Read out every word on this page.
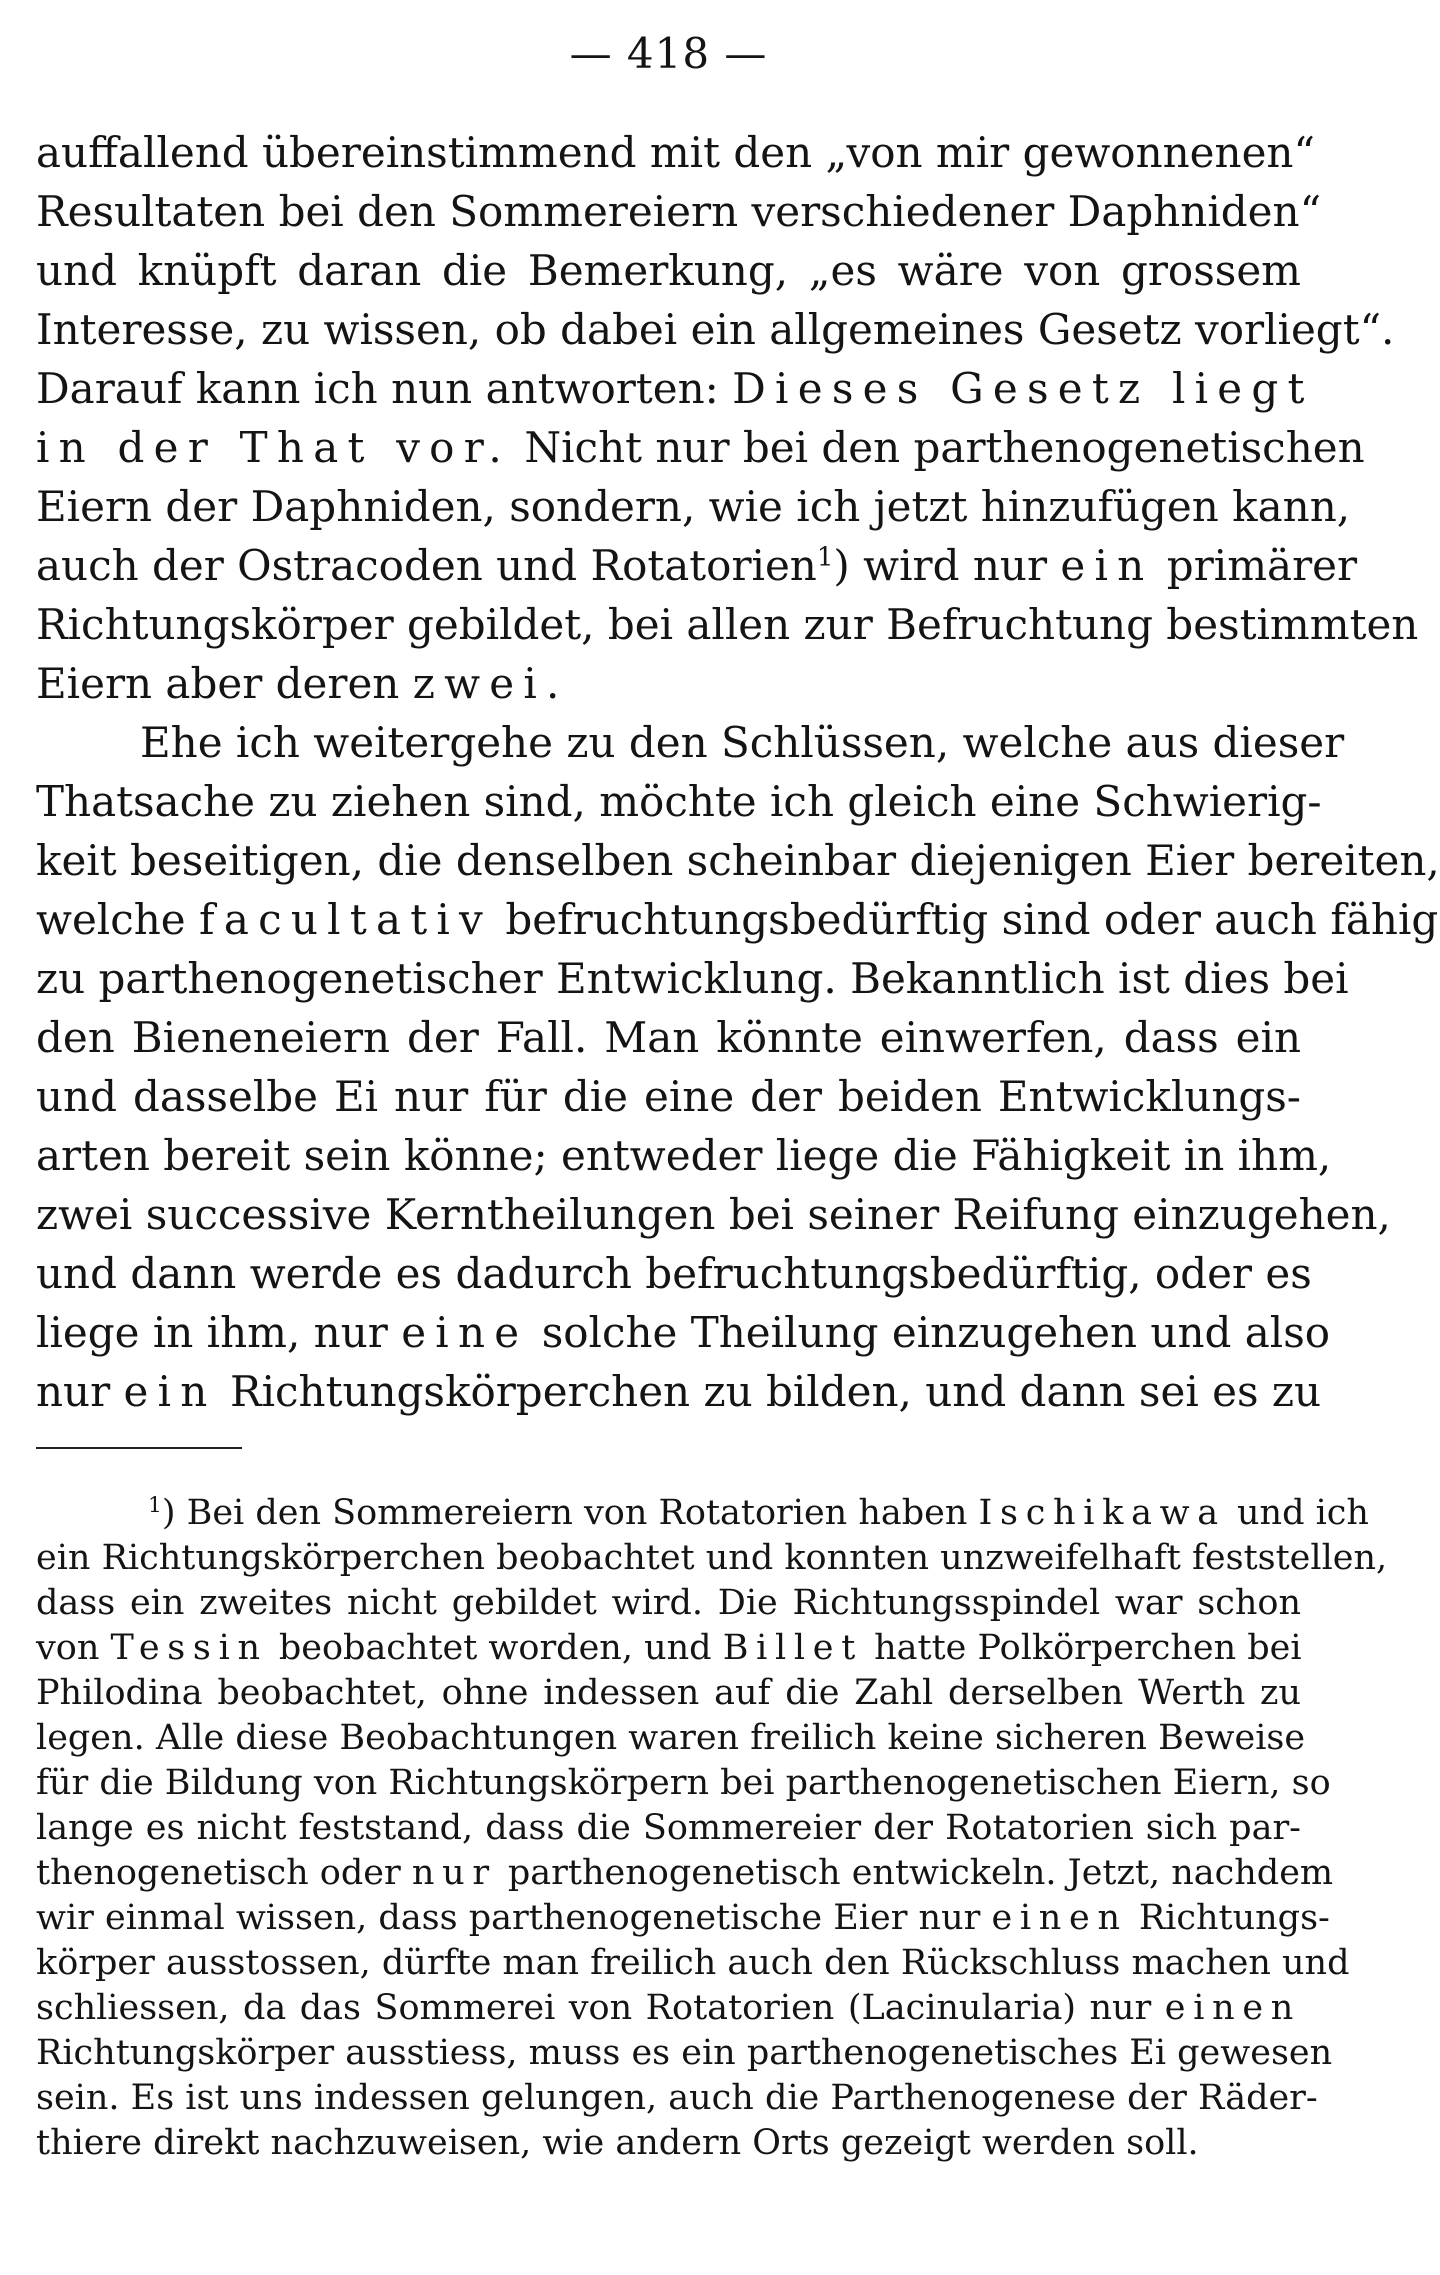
— 418 —
auffallend übereinstimmend mit den „von mir gewonnenen“
Resultaten bei den Sommereiern verschiedener Daphniden“
und knüpft daran die Bemerkung, „es wäre von grossem
Interesse, zu wissen, ob dabei ein allgemeines Gesetz vorliegt“.
Darauf kann ich nun antworten: Dieses Gesetz liegt
in der That vor. Nicht nur bei den parthenogenetischen
Eiern der Daphniden, sondern, wie ich jetzt hinzufügen kann,
auch der Ostracoden und Rotatorien$^1$) wird nur ein primärer
Richtungskörper gebildet, bei allen zur Befruchtung bestimmten
Eiern aber deren zwei.
Ehe ich weitergehe zu den Schlüssen, welche aus dieser
Thatsache zu ziehen sind, möchte ich gleich eine Schwierig-
keit beseitigen, die denselben scheinbar diejenigen Eier bereiten,
welche facultativ befruchtungsbedürftig sind oder auch fähig
zu parthenogenetischer Entwicklung. Bekanntlich ist dies bei
den Bieneneiern der Fall. Man könnte einwerfen, dass ein
und dasselbe Ei nur für die eine der beiden Entwicklungs-
arten bereit sein könne; entweder liege die Fähigkeit in ihm,
zwei successive Kerntheilungen bei seiner Reifung einzugehen,
und dann werde es dadurch befruchtungsbedürftig, oder es
liege in ihm, nur eine solche Theilung einzugehen und also
nur ein Richtungskörperchen zu bilden, und dann sei es zu
$^1$) Bei den Sommereiern von Rotatorien haben Ischikawa und ich
ein Richtungskörperchen beobachtet und konnten unzweifelhaft feststellen,
dass ein zweites nicht gebildet wird. Die Richtungsspindel war schon
von Tessin beobachtet worden, und Billet hatte Polkörperchen bei
Philodina beobachtet, ohne indessen auf die Zahl derselben Werth zu
legen. Alle diese Beobachtungen waren freilich keine sicheren Beweise
für die Bildung von Richtungskörpern bei parthenogenetischen Eiern, so
lange es nicht feststand, dass die Sommereier der Rotatorien sich par-
thenogenetisch oder nur parthenogenetisch entwickeln. Jetzt, nachdem
wir einmal wissen, dass parthenogenetische Eier nur einen Richtungs-
körper ausstossen, dürfte man freilich auch den Rückschluss machen und
schliessen, da das Sommerei von Rotatorien (Lacinularia) nur einen
Richtungskörper ausstiess, muss es ein parthenogenetisches Ei gewesen
sein. Es ist uns indessen gelungen, auch die Parthenogenese der Räder-
thiere direkt nachzuweisen, wie andern Orts gezeigt werden soll.
